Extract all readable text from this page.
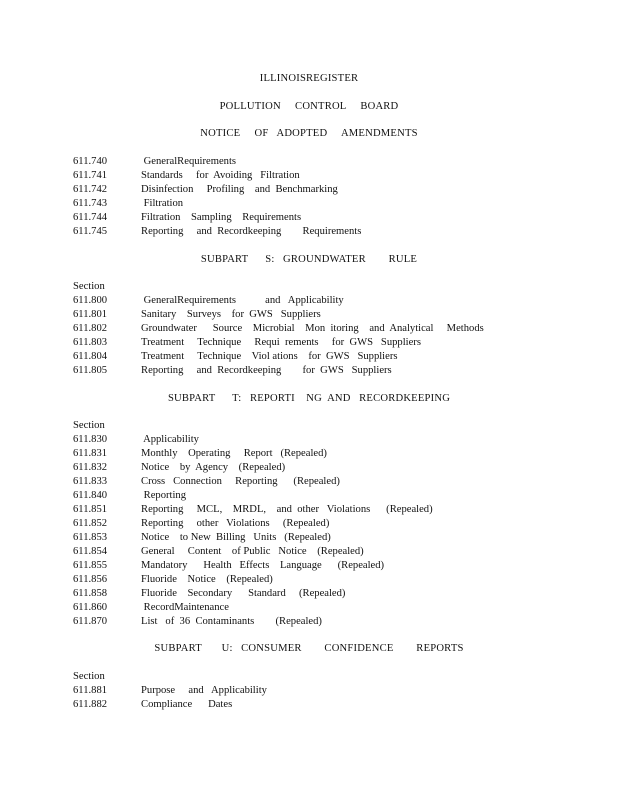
ILLINOISREGISTER
POLLUTION     CONTROL     BOARD
NOTICE     OF   ADOPTED     AMENDMENTS
611.740	GeneralRequirements
611.741	Standards     for  Avoiding   Filtration
611.742	Disinfection     Profiling    and  Benchmarking
611.743	Filtration
611.744	Filtration    Sampling    Requirements
611.745	Reporting     and  Recordkeeping        Requirements
SUBPART      S:   GROUNDWATER        RULE
Section
611.800	GeneralRequirements           and   Applicability
611.801	Sanitary    Surveys    for  GWS   Suppliers
611.802	Groundwater      Source    Microbial    Mon  itoring    and  Analytical     Methods
611.803	Treatment     Technique     Requi  rements     for  GWS   Suppliers
611.804	Treatment     Technique    Viol ations    for  GWS   Suppliers
611.805	Reporting     and  Recordkeeping        for  GWS   Suppliers
SUBPART      T:   REPORTI    NG  AND   RECORDKEEPING
Section
611.830	Applicability
611.831	Monthly    Operating     Report   (Repealed)
611.832	Notice    by  Agency    (Repealed)
611.833	Cross   Connection     Reporting      (Repealed)
611.840	Reporting
611.851	Reporting     MCL,    MRDL,    and  other   Violations      (Repealed)
611.852	Reporting     other   Violations     (Repealed)
611.853	Notice    to New  Billing   Units   (Repealed)
611.854	General     Content    of Public   Notice    (Repealed)
611.855	Mandatory      Health   Effects    Language      (Repealed)
611.856	Fluoride    Notice    (Repealed)
611.858	Fluoride    Secondary      Standard     (Repealed)
611.860	RecordMaintenance
611.870	List   of  36  Contaminants        (Repealed)
SUBPART       U:   CONSUMER        CONFIDENCE        REPORTS
Section
611.881	Purpose     and   Applicability
611.882	Compliance      Dates
